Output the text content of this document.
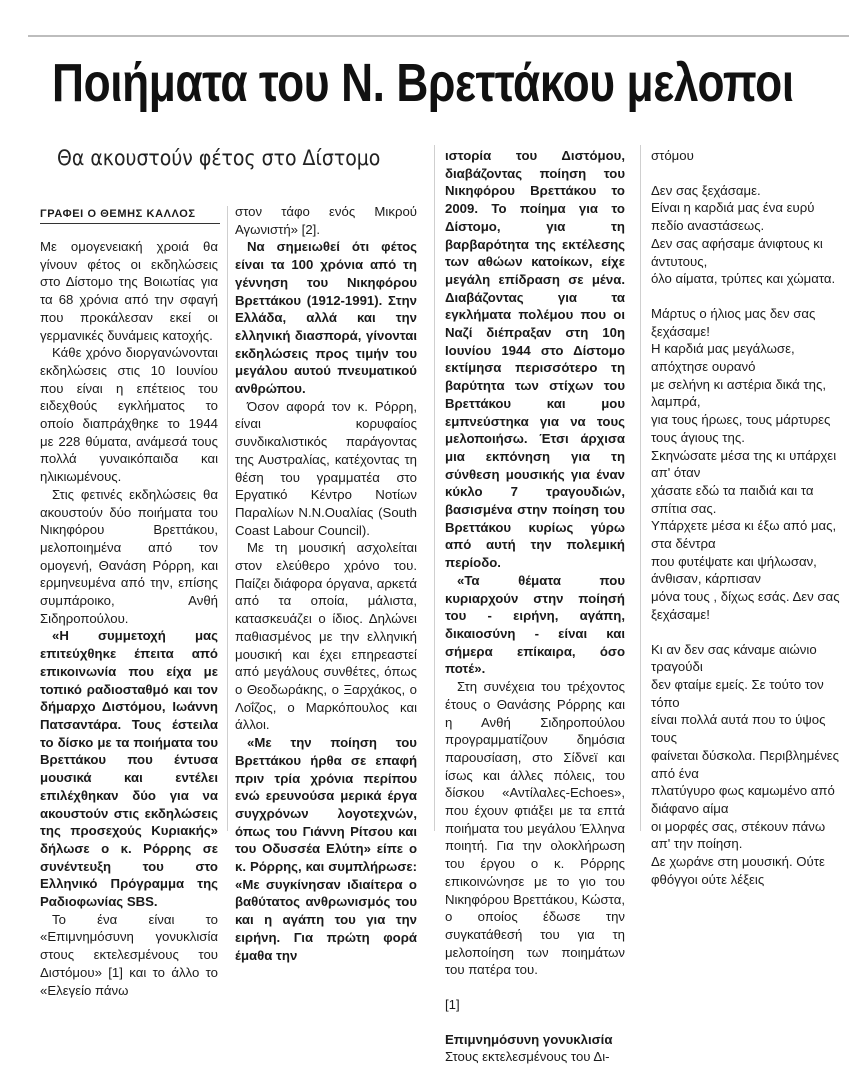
Ποιήματα του Ν. Βρεττάκου μελοποι
Θα ακουστούν φέτος στο Δίστομο
ΓΡΑΦΕΙ Ο ΘΕΜΗΣ ΚΑΛΛΟΣ

Με ομογενειακή χροιά θα γίνουν φέτος οι εκδηλώσεις στο Δίστομο της Βοιωτίας για τα 68 χρόνια από την σφαγή που προκάλεσαν εκεί οι γερμανικές δυνάμεις κατοχής.

Κάθε χρόνο διοργανώνονται εκδηλώσεις στις 10 Ιουνίου που είναι η επέτειος του ειδεχθούς εγκλήματος το οποίο διαπράχθηκε το 1944 με 228 θύματα, ανάμεσά τους πολλά γυναικόπαιδα και ηλικιωμένους.

Στις φετινές εκδηλώσεις θα ακουστούν δύο ποιήματα του Νικηφόρου Βρεττάκου, μελοποιημένα από τον ομογενή, Θανάση Ρόρρη, και ερμηνευμένα από την, επίσης συμπάροικο, Ανθή Σιδηροπούλου.

«Η συμμετοχή μας επιτεύχθηκε έπειτα από επικοινωνία που είχα με τοπικό ραδιοσταθμό και τον δήμαρχο Διστόμου, Ιωάννη Πατσαντάρα. Τους έστειλα το δίσκο με τα ποιήματα του Βρεττάκου που έντυσα μουσικά και εντέλει επιλέχθηκαν δύο για να ακουστούν στις εκδηλώσεις της προσεχούς Κυριακής» δήλωσε ο κ. Ρόρρης σε συνέντευξη του στο Ελληνικό Πρόγραμμα της Ραδιοφωνίας SBS.

Το ένα είναι το «Επιμνημόσυνη γονυκλισία στους εκτελεσμένους του Διστόμου» [1] και το άλλο το «Ελεγείο πάνω

στον τάφο ενός Μικρού Αγωνιστή» [2].

Να σημειωθεί ότι φέτος είναι τα 100 χρόνια από τη γέννηση του Νικηφόρου Βρεττάκου (1912-1991). Στην Ελλάδα, αλλά και την ελληνική διασπορά, γίνονται εκδηλώσεις προς τιμήν του μεγάλου αυτού πνευματικού ανθρώπου.

Όσον αφορά τον κ. Ρόρρη, είναι κορυφαίος συνδικαλιστικός παράγοντας της Αυστραλίας, κατέχοντας τη θέση του γραμματέα στο Εργατικό Κέντρο Νοτίων Παραλίων Ν.Ν.Ουαλίας (South Coast Labour Council).

Με τη μουσική ασχολείται στον ελεύθερο χρόνο του. Παίζει διάφορα όργανα, αρκετά από τα οποία, μάλιστα, κατασκευάζει ο ίδιος. Δηλώνει παθιασμένος με την ελληνική μουσική και έχει επηρεαστεί από μεγάλους συνθέτες, όπως ο Θεοδωράκης, ο Ξαρχάκος, ο Λοΐζος, ο Μαρκόπουλος και άλλοι.

«Με την ποίηση του Βρεττάκου ήρθα σε επαφή πριν τρία χρόνια περίπου ενώ ερευνούσα μερικά έργα συγχρόνων λογοτεχνών, όπως του Γιάννη Ρίτσου και του Οδυσσέα Ελύτη» είπε ο κ. Ρόρρης, και συμπλήρωσε: «Με συγκίνησαν ιδιαίτερα ο βαθύτατος ανθρωνισμός του και η αγάπη του για την ειρήνη. Για πρώτη φορά έμαθα την

ιστορία του Διστόμου, διαβάζοντας ποίηση του Νικηφόρου Βρεττάκου το 2009. Το ποίημα για το Δίστομο, για τη βαρβαρότητα της εκτέλεσης των αθώων κατοίκων, είχε μεγάλη επίδραση σε μένα. Διαβάζοντας για τα εγκλήματα πολέμου που οι Ναζί διέπραξαν στη 10η Ιουνίου 1944 στο Δίστομο εκτίμησα περισσότερο τη βαρύτητα των στίχων του Βρεττάκου και μου εμπνεύστηκα για να τους μελοποιήσω. Έτσι άρχισα μια εκπόνηση για τη σύνθεση μουσικής για έναν κύκλο 7 τραγουδιών, βασισμένα στην ποίηση του Βρεττάκου κυρίως γύρω από αυτή την πολεμική περίοδο.

«Τα θέματα που κυριαρχούν στην ποίησή του - ειρήνη, αγάπη, δικαιοσύνη - είναι και σήμερα επίκαιρα, όσο ποτέ».

Στη συνέχεια του τρέχοντος έτους ο Θανάσης Ρόρρης και η Ανθή Σιδηροπούλου προγραμματίζουν δημόσια παρουσίαση, στο Σίδνεϊ και ίσως και άλλες πόλεις, του δίσκου «Αντίλαλες-Echoes», που έχουν φτιάξει με τα επτά ποιήματα του μεγάλου Έλληνα ποιητή. Για την ολοκλήρωση του έργου ο κ. Ρόρρης επικοινώνησε με το γιο του Νικηφόρου Βρεττάκου, Κώστα, ο οποίος έδωσε την συγκατάθεσή του για τη μελοποίηση των ποιημάτων του πατέρα του.

[1]

Επιμνημόσυνη γονυκλισία

Στους εκτελεσμένους του Δι-

στόμου

Δεν σας ξεχάσαμε.

Είναι η καρδιά μας ένα ευρύ πεδίο αναστάσεως.

Δεν σας αφήσαμε άνιφτους κι άντυτους,

όλο αίματα, τρύπες και χώματα.

Μάρτυς ο ήλιος μας δεν σας ξεχάσαμε!

Η καρδιά μας μεγάλωσε, απόχτησε ουρανό

με σελήνη κι αστέρια δικά της, λαμπρά,

για τους ήρωες, τους μάρτυρες τους άγιους της.

Σκηνώσατε μέσα της κι υπάρχει απ' όταν

χάσατε εδώ τα παιδιά και τα σπίτια σας.

Υπάρχετε μέσα κι έξω από μας, στα δέντρα

που φυτέψατε και ψήλωσαν, άνθισαν, κάρπισαν

μόνα τους , δίχως εσάς. Δεν σας ξεχάσαμε!

Κι αν δεν σας κάναμε αιώνιο τραγούδι

δεν φταίμε εμείς. Σε τούτο τον τόπο

είναι πολλά αυτά που το ύψος τους

φαίνεται δύσκολα. Περιβλημένες από ένα

πλατύγυρο φως καμωμένο από διάφανο αίμα

οι μορφές σας, στέκουν πάνω απ' την ποίηση.

Δε χωράνε στη μουσική. Ούτε φθόγγοι ούτε λέξεις
